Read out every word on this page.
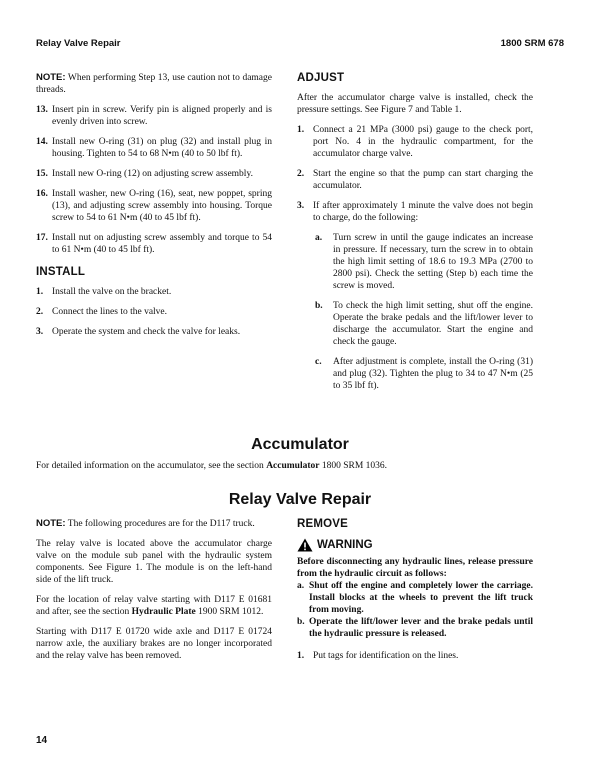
Relay Valve Repair	1800 SRM 678

NOTE: When performing Step 13, use caution not to damage threads.

13. Insert pin in screw. Verify pin is aligned properly and is evenly driven into screw.
14. Install new O-ring (31) on plug (32) and install plug in housing. Tighten to 54 to 68 N•m (40 to 50 lbf ft).
15. Install new O-ring (12) on adjusting screw assembly.
16. Install washer, new O-ring (16), seat, new poppet, spring (13), and adjusting screw assembly into housing. Torque screw to 54 to 61 N•m (40 to 45 lbf ft).
17. Install nut on adjusting screw assembly and torque to 54 to 61 N•m (40 to 45 lbf ft).
INSTALL
1. Install the valve on the bracket.
2. Connect the lines to the valve.
3. Operate the system and check the valve for leaks.
ADJUST

After the accumulator charge valve is installed, check the pressure settings. See Figure 7 and Table 1.

1. Connect a 21 MPa (3000 psi) gauge to the check port, port No. 4 in the hydraulic compartment, for the accumulator charge valve.
2. Start the engine so that the pump can start charging the accumulator.
3. If after approximately 1 minute the valve does not begin to charge, do the following:
a. Turn screw in until the gauge indicates an increase in pressure. If necessary, turn the screw in to obtain the high limit setting of 18.6 to 19.3 MPa (2700 to 2800 psi). Check the setting (Step b) each time the screw is moved.
b. To check the high limit setting, shut off the engine. Operate the brake pedals and the lift/lower lever to discharge the accumulator. Start the engine and check the gauge.
c. After adjustment is complete, install the O-ring (31) and plug (32). Tighten the plug to 34 to 47 N•m (25 to 35 lbf ft).
Accumulator
For detailed information on the accumulator, see the section Accumulator 1800 SRM 1036.
Relay Valve Repair

NOTE: The following procedures are for the D117 truck.

The relay valve is located above the accumulator charge valve on the module sub panel with the hydraulic system components. See Figure 1. The module is on the left-hand side of the lift truck.

For the location of relay valve starting with D117 E 01681 and after, see the section Hydraulic Plate 1900 SRM 1012.

Starting with D117 E 01720 wide axle and D117 E 01724 narrow axle, the auxiliary brakes are no longer incorporated and the relay valve has been removed.

REMOVE
WARNING

Before disconnecting any hydraulic lines, release pressure from the hydraulic circuit as follows:

a. Shut off the engine and completely lower the carriage. Install blocks at the wheels to prevent the lift truck from moving.
b. Operate the lift/lower lever and the brake pedals until the hydraulic pressure is released.
1. Put tags for identification on the lines.
14
